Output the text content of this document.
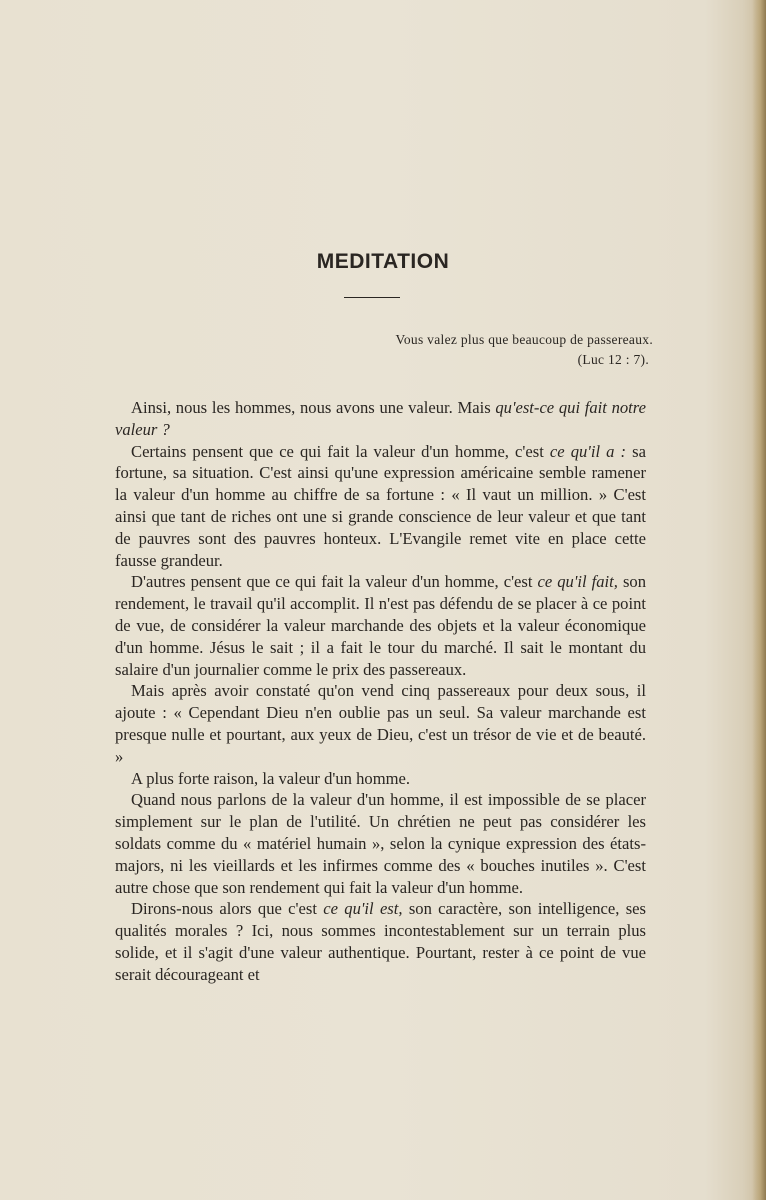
MEDITATION
Vous valez plus que beaucoup de passereaux.
(Luc 12 : 7).

Ainsi, nous les hommes, nous avons une valeur. Mais qu'est-ce qui fait notre valeur ?

Certains pensent que ce qui fait la valeur d'un homme, c'est ce qu'il a : sa fortune, sa situation. C'est ainsi qu'une expression américaine semble ramener la valeur d'un homme au chiffre de sa fortune : « Il vaut un million. » C'est ainsi que tant de riches ont une si grande conscience de leur valeur et que tant de pauvres sont des pauvres honteux. L'Evangile remet vite en place cette fausse grandeur.

D'autres pensent que ce qui fait la valeur d'un homme, c'est ce qu'il fait, son rendement, le travail qu'il accomplit. Il n'est pas défendu de se placer à ce point de vue, de considérer la valeur marchande des objets et la valeur économique d'un homme. Jésus le sait ; il a fait le tour du marché. Il sait le montant du salaire d'un journalier comme le prix des passereaux.

Mais après avoir constaté qu'on vend cinq passereaux pour deux sous, il ajoute : « Cependant Dieu n'en oublie pas un seul. Sa valeur marchande est presque nulle et pourtant, aux yeux de Dieu, c'est un trésor de vie et de beauté. »

A plus forte raison, la valeur d'un homme.

Quand nous parlons de la valeur d'un homme, il est impossible de se placer simplement sur le plan de l'utilité. Un chrétien ne peut pas considérer les soldats comme du « matériel humain », selon la cynique expression des états-majors, ni les vieillards et les infirmes comme des « bouches inutiles ». C'est autre chose que son rendement qui fait la valeur d'un homme.

Dirons-nous alors que c'est ce qu'il est, son caractère, son intelligence, ses qualités morales ? Ici, nous sommes incontestablement sur un terrain plus solide, et il s'agit d'une valeur authentique. Pourtant, rester à ce point de vue serait décourageant et
